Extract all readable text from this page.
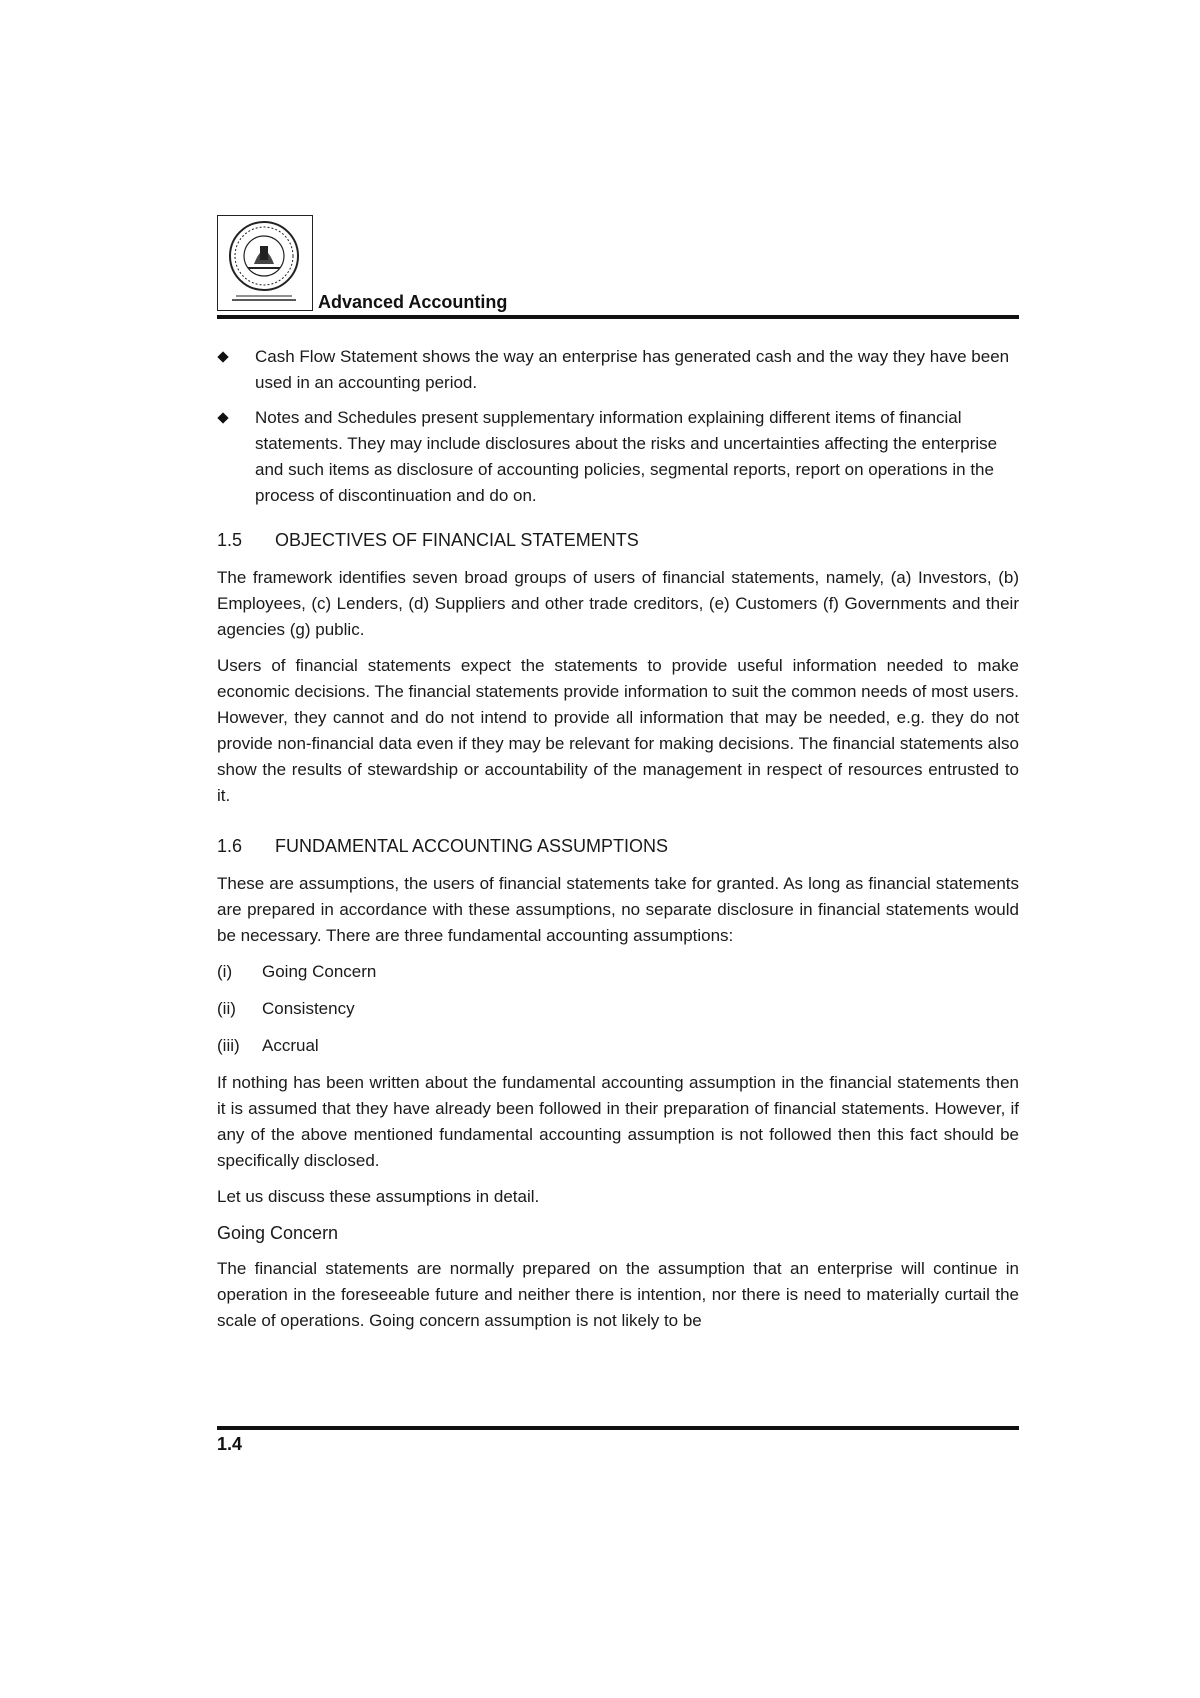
Advanced Accounting
Cash Flow Statement shows the way an enterprise has generated cash and the way they have been used in an accounting period.
Notes and Schedules present supplementary information explaining different items of financial statements. They may include disclosures about the risks and uncertainties affecting the enterprise and such items as disclosure of accounting policies, segmental reports, report on operations in the process of discontinuation and do on.
1.5 OBJECTIVES OF FINANCIAL STATEMENTS

The framework identifies seven broad groups of users of financial statements, namely, (a) Investors, (b) Employees, (c) Lenders, (d) Suppliers and other trade creditors, (e) Customers (f) Governments and their agencies (g) public.

Users of financial statements expect the statements to provide useful information needed to make economic decisions. The financial statements provide information to suit the common needs of most users. However, they cannot and do not intend to provide all information that may be needed, e.g. they do not provide non-financial data even if they may be relevant for making decisions. The financial statements also show the results of stewardship or accountability of the management in respect of resources entrusted to it.

1.6 FUNDAMENTAL ACCOUNTING ASSUMPTIONS

These are assumptions, the users of financial statements take for granted. As long as financial statements are prepared in accordance with these assumptions, no separate disclosure in financial statements would be necessary. There are three fundamental accounting assumptions:

(i)	Going Concern
(ii)	Consistency
(iii)	Accrual

If nothing has been written about the fundamental accounting assumption in the financial statements then it is assumed that they have already been followed in their preparation of financial statements. However, if any of the above mentioned fundamental accounting assumption is not followed then this fact should be specifically disclosed.

Let us discuss these assumptions in detail.

Going Concern

The financial statements are normally prepared on the assumption that an enterprise will continue in operation in the foreseeable future and neither there is intention, nor there is need to materially curtail the scale of operations. Going concern assumption is not likely to be

1.4
